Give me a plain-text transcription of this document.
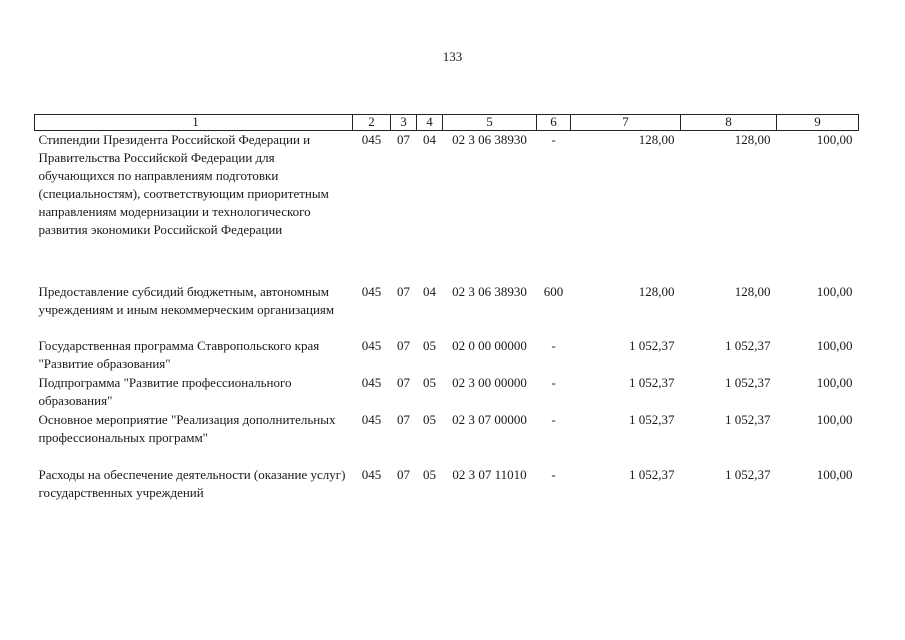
133
1	2	3	4	5	6	7	8	9
Стипендии Президента Российской Федерации и Правительства Российской Федерации для обучающихся по направлениям подготовки (специальностям), соответствующим приоритетным направлениям модернизации и технологического развития экономики Российской Федерации	045	07	04	02 3 06 38930	-	128,00	128,00	100,00
Предоставление субсидий бюджетным, автономным учреждениям и иным некоммерческим организациям	045	07	04	02 3 06 38930	600	128,00	128,00	100,00
Государственная программа Ставропольского края "Развитие образования"	045	07	05	02 0 00 00000	-	1 052,37	1 052,37	100,00
Подпрограмма "Развитие профессионального образования"	045	07	05	02 3 00 00000	-	1 052,37	1 052,37	100,00
Основное мероприятие "Реализация дополнительных профессиональных программ"	045	07	05	02 3 07 00000	-	1 052,37	1 052,37	100,00
Расходы на обеспечение деятельности (оказание услуг) государственных учреждений	045	07	05	02 3 07 11010	-	1 052,37	1 052,37	100,00
